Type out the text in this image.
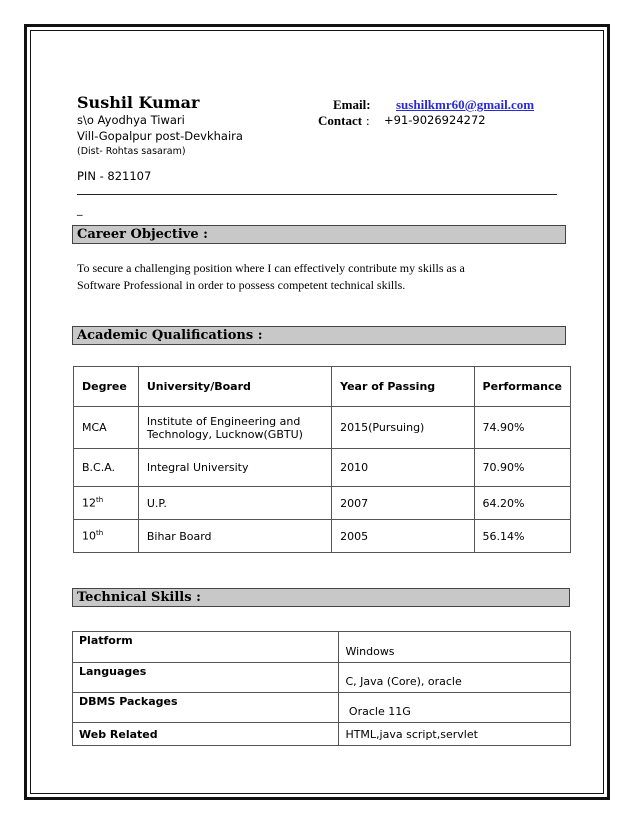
Sushil Kumar
s\o Ayodhya Tiwari
Vill-Gopalpur post-Devkhaira
(Dist- Rohtas sasaram)
PIN - 821107
Email: sushilkmr60@gmail.com
Contact : +91-9026924272
_
Career Objective :
To secure a challenging position where I can effectively contribute my skills as a
Software Professional in order to possess competent technical skills.
Academic Qualifications :
Degree	University/Board	Year of Passing	Performance
MCA	Institute of Engineering and
Technology, Lucknow(GBTU)	2015(Pursuing)	74.90%
B.C.A.	Integral University	2010	70.90%
12th	U.P.	2007	64.20%
10th	Bihar Board	2005	56.14%
Technical Skills :
Platform	Windows
Languages	C, Java (Core), oracle
DBMS Packages	Oracle 11G
Web Related	HTML,java script,servlet
